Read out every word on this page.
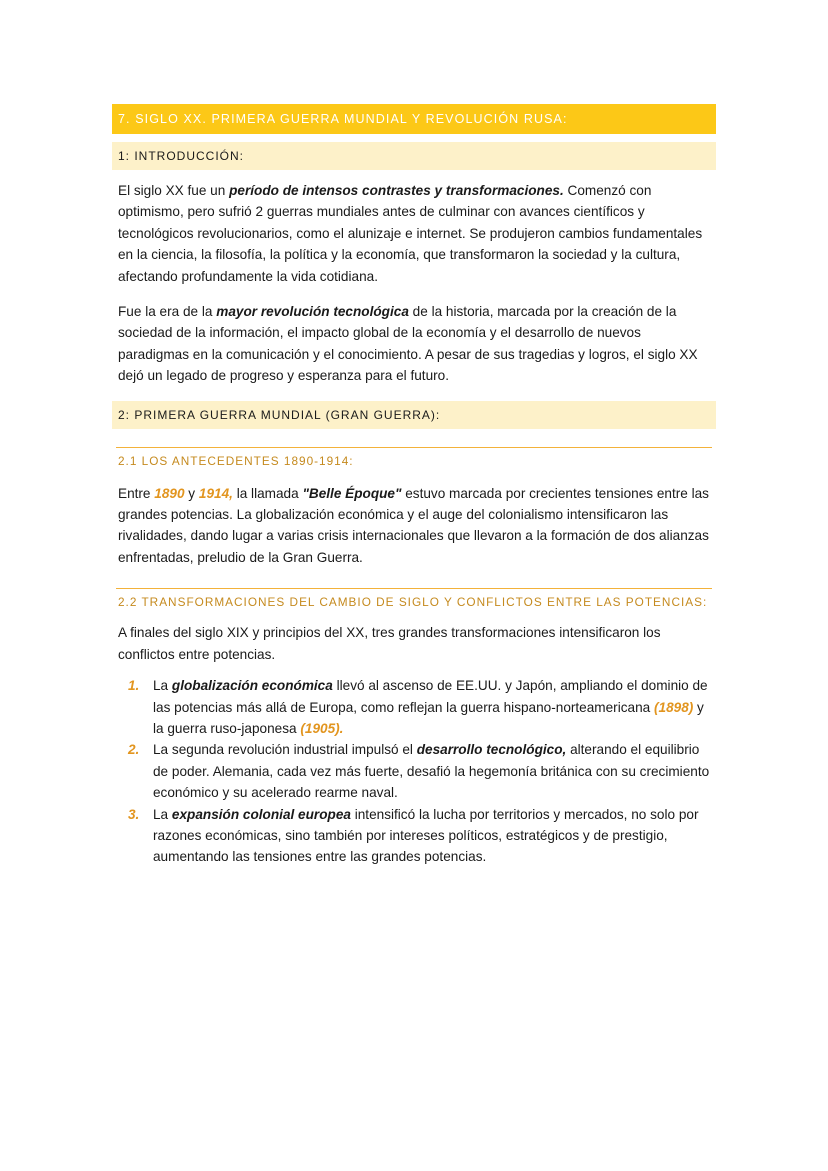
7. SIGLO XX. PRIMERA GUERRA MUNDIAL Y REVOLUCIÓN RUSA:
1: INTRODUCCIÓN:

El siglo XX fue un período de intensos contrastes y transformaciones. Comenzó con optimismo, pero sufrió 2 guerras mundiales antes de culminar con avances científicos y tecnológicos revolucionarios, como el alunizaje e internet. Se produjeron cambios fundamentales en la ciencia, la filosofía, la política y la economía, que transformaron la sociedad y la cultura, afectando profundamente la vida cotidiana.

Fue la era de la mayor revolución tecnológica de la historia, marcada por la creación de la sociedad de la información, el impacto global de la economía y el desarrollo de nuevos paradigmas en la comunicación y el conocimiento. A pesar de sus tragedias y logros, el siglo XX dejó un legado de progreso y esperanza para el futuro.

2: PRIMERA GUERRA MUNDIAL (GRAN GUERRA):
2.1 LOS ANTECEDENTES 1890-1914:

Entre 1890 y 1914, la llamada "Belle Époque" estuvo marcada por crecientes tensiones entre las grandes potencias. La globalización económica y el auge del colonialismo intensificaron las rivalidades, dando lugar a varias crisis internacionales que llevaron a la formación de dos alianzas enfrentadas, preludio de la Gran Guerra.

2.2 TRANSFORMACIONES DEL CAMBIO DE SIGLO Y CONFLICTOS ENTRE LAS POTENCIAS:

A finales del siglo XIX y principios del XX, tres grandes transformaciones intensificaron los conflictos entre potencias.

1. La globalización económica llevó al ascenso de EE.UU. y Japón, ampliando el dominio de las potencias más allá de Europa, como reflejan la guerra hispano-norteamericana (1898) y la guerra ruso-japonesa (1905).
2. La segunda revolución industrial impulsó el desarrollo tecnológico, alterando el equilibrio de poder. Alemania, cada vez más fuerte, desafió la hegemonía británica con su crecimiento económico y su acelerado rearme naval.
3. La expansión colonial europea intensificó la lucha por territorios y mercados, no solo por razones económicas, sino también por intereses políticos, estratégicos y de prestigio, aumentando las tensiones entre las grandes potencias.
